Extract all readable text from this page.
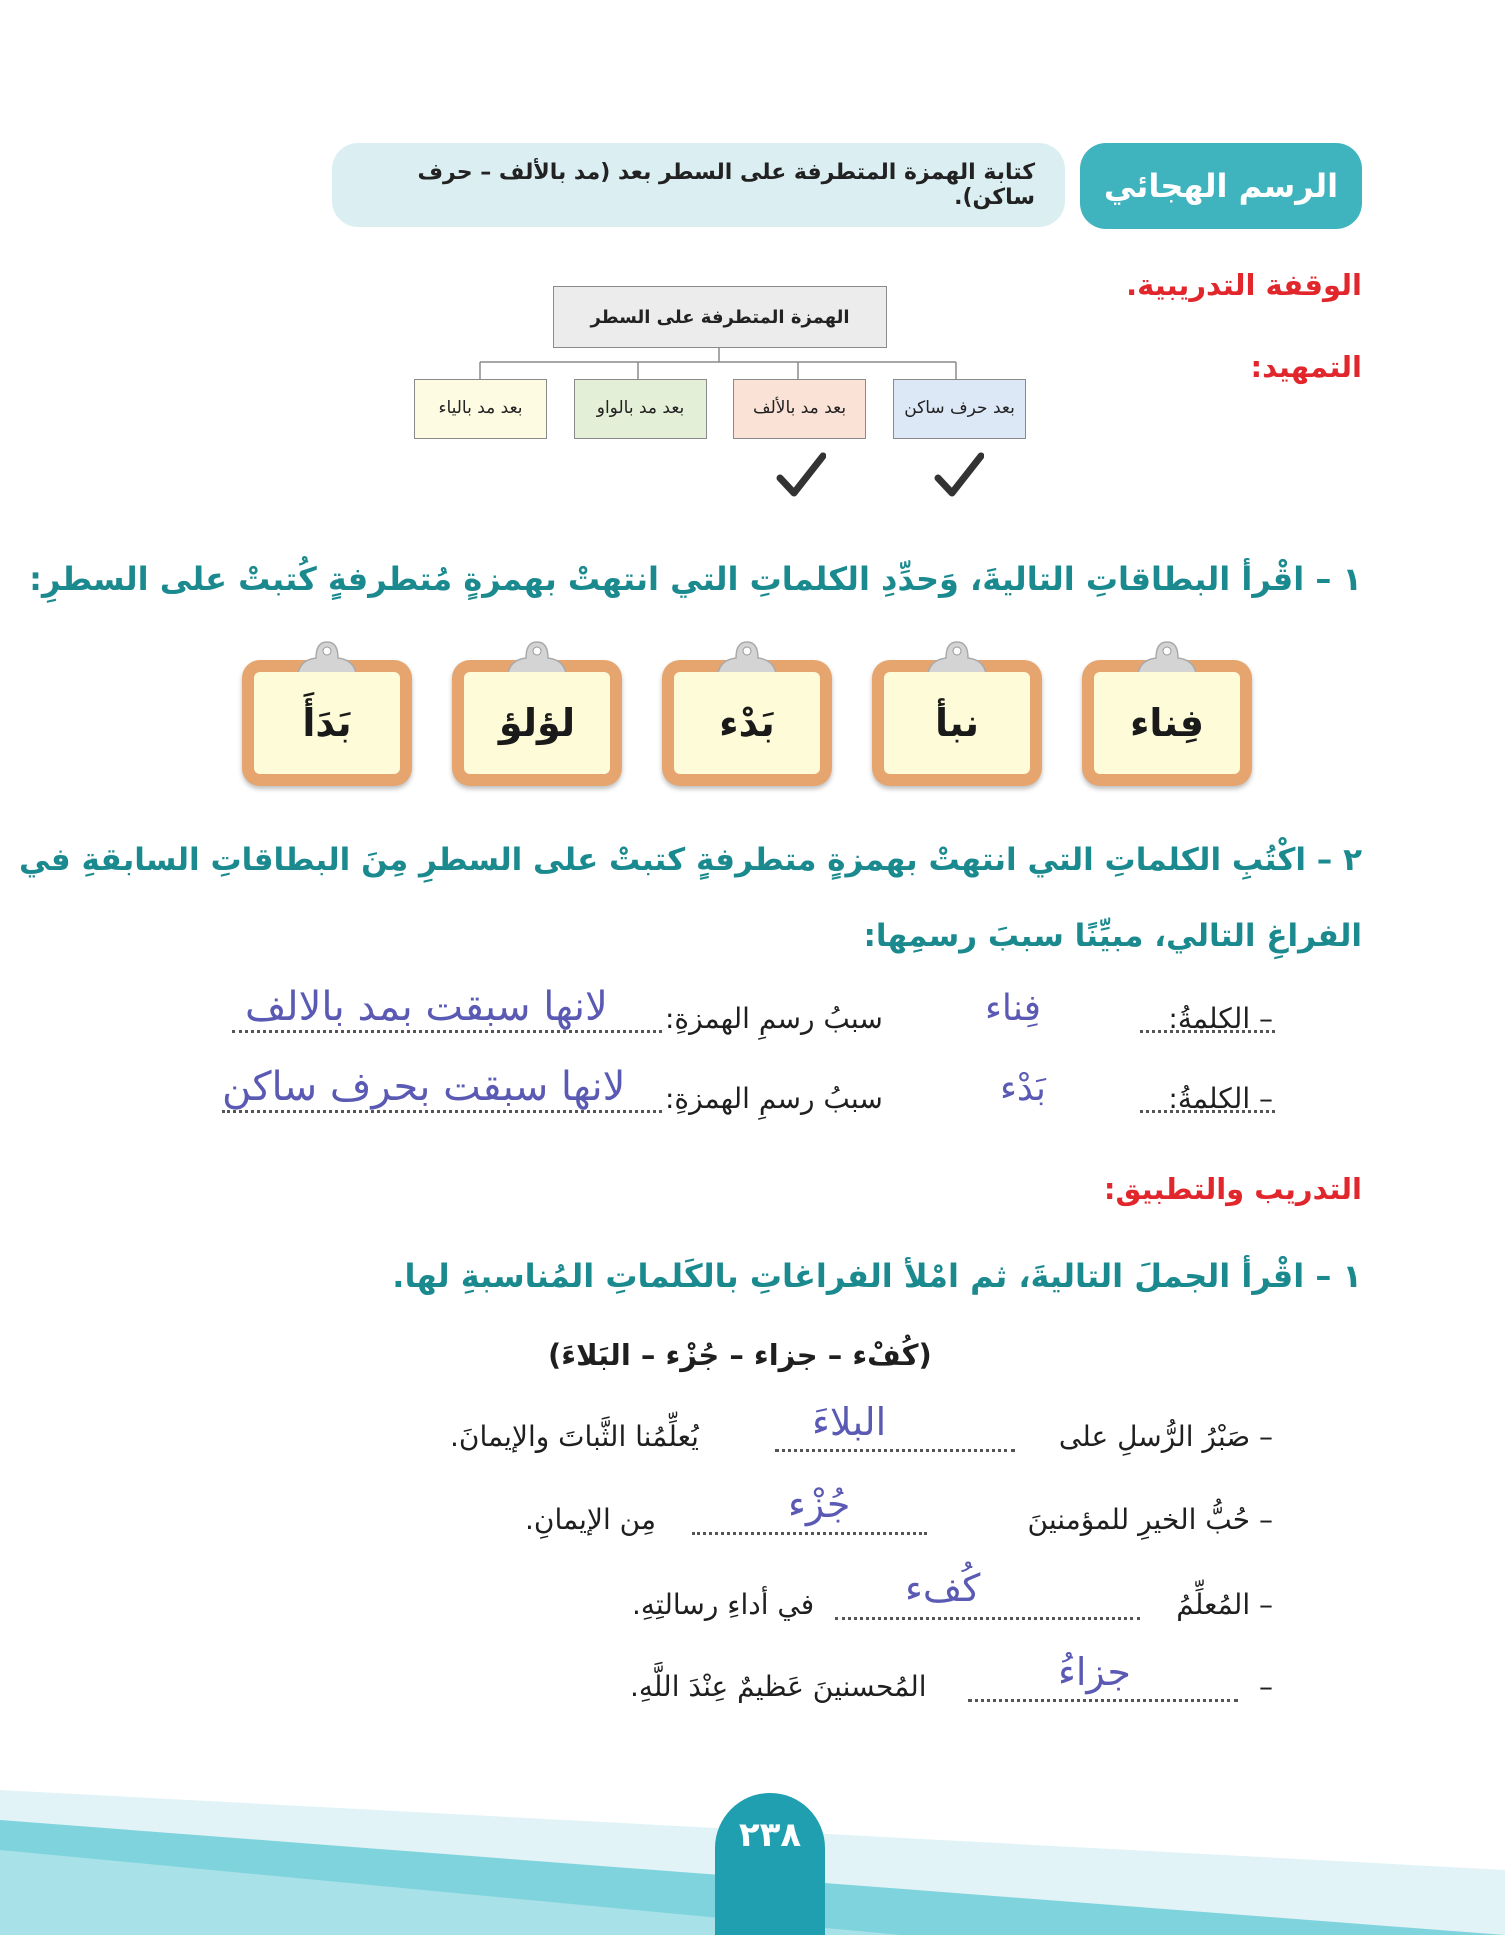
الرسم الهجائي
كتابة الهمزة المتطرفة على السطر بعد (مد بالألف – حرف ساكن).
الوقفة التدريبية.
التمهيد:
الهمزة المتطرفة على السطر
بعد حرف ساكن
بعد مد بالألف
بعد مد بالواو
بعد مد بالياء
١ – اقْرأ البطاقاتِ التاليةَ، وَحدِّدِ الكلماتِ التي انتهتْ بهمزةٍ مُتطرفةٍ كُتبتْ على السطرِ:
فِناء
نبأ
بَدْء
لؤلؤ
بَدَأَ
٢ – اكْتُبِ الكلماتِ التي انتهتْ بهمزةٍ متطرفةٍ كتبتْ على السطرِ مِنَ البطاقاتِ السابقةِ في
الفراغِ التالي، مبيِّنًا سببَ رسمِها:
– الكلمةُ:
فِناء
سببُ رسمِ الهمزةِ:
لانها سبقت بمد بالالف
– الكلمةُ:
بَدْء
سببُ رسمِ الهمزةِ:
لانها سبقت بحرف ساكن
التدريب والتطبيق:
١ – اقْرأ الجملَ التاليةَ، ثم امْلأ الفراغاتِ بالكَلماتِ المُناسبةِ لها.
(كُفْء – جزاء – جُزْء – البَلاءَ)
– صَبْرُ الرُّسلِ على
البلاءَ
يُعلِّمُنا الثَّباتَ والإيمانَ.
– حُبُّ الخيرِ للمؤمنينَ
جُزْء
مِن الإيمانِ.
– المُعلِّمُ
كُفء
في أداءِ رسالتِهِ.
–
جزاءُ
المُحسنينَ عَظيمٌ عِنْدَ اللَّهِ.
٢٣٨
